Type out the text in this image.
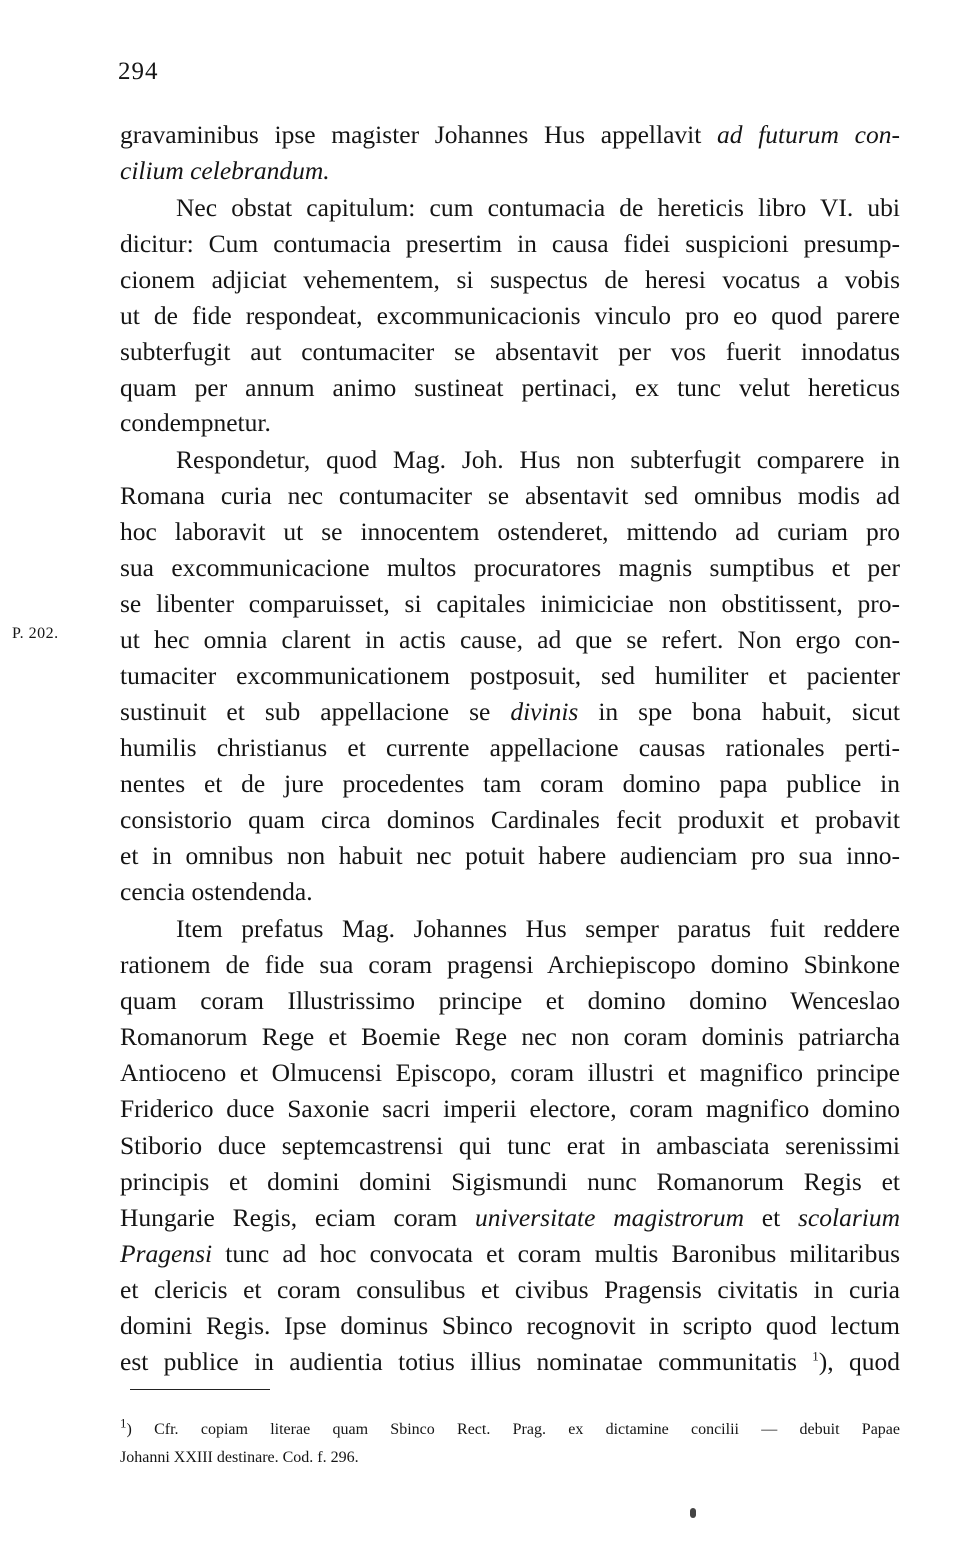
294
P. 202.
gravaminibus ipse magister Johannes Hus appellavit ad futurum con-
cilium celebrandum.
Nec obstat capitulum: cum contumacia de hereticis libro VI. ubi
dicitur: Cum contumacia presertim in causa fidei suspicioni presump-
cionem adjiciat vehementem, si suspectus de heresi vocatus a vobis
ut de fide respondeat, excommunicacionis vinculo pro eo quod parere
subterfugit aut contumaciter se absentavit per vos fuerit innodatus
quam per annum animo sustineat pertinaci, ex tunc velut hereticus
condempnetur.
Respondetur, quod Mag. Joh. Hus non subterfugit comparere in
Romana curia nec contumaciter se absentavit sed omnibus modis ad
hoc laboravit ut se innocentem ostenderet, mittendo ad curiam pro
sua excommunicacione multos procuratores magnis sumptibus et per
se libenter comparuisset, si capitales inimiciciae non obstitissent, pro-
ut hec omnia clarent in actis cause, ad que se refert. Non ergo con-
tumaciter excommunicationem postposuit, sed humiliter et pacienter
sustinuit et sub appellacione se divinis in spe bona habuit, sicut
humilis christianus et currente appellacione causas rationales perti-
nentes et de jure procedentes tam coram domino papa publice in
consistorio quam circa dominos Cardinales fecit produxit et probavit
et in omnibus non habuit nec potuit habere audienciam pro sua inno-
cencia ostendenda.
Item prefatus Mag. Johannes Hus semper paratus fuit reddere
rationem de fide sua coram pragensi Archiepiscopo domino Sbinkone
quam coram Illustrissimo principe et domino domino Wenceslao
Romanorum Rege et Boemie Rege nec non coram dominis patriarcha
Antioceno et Olmucensi Episcopo, coram illustri et magnifico principe
Friderico duce Saxonie sacri imperii electore, coram magnifico domino
Stiborio duce septemcastrensi qui tunc erat in ambasciata serenissimi
principis et domini domini Sigismundi nunc Romanorum Regis et
Hungarie Regis, eciam coram universitate magistrorum et scolarium
Pragensi tunc ad hoc convocata et coram multis Baronibus militaribus
et clericis et coram consulibus et civibus Pragensis civitatis in curia
domini Regis. Ipse dominus Sbinco recognovit in scripto quod lectum
est publice in audientia totius illius nominatae communitatis $^1$), quod
$^1$) Cfr. copiam literae quam Sbinco Rect. Prag. ex dictamine concilii — debuit Papae
Johanni XXIII destinare. Cod. f. 296.
